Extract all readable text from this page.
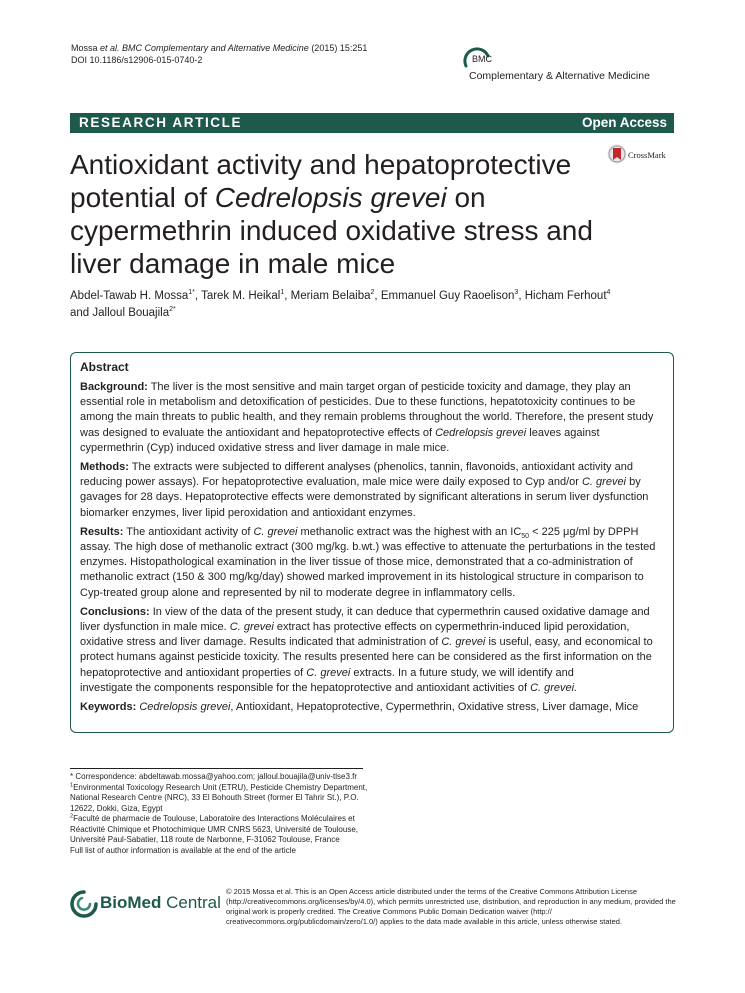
Mossa et al. BMC Complementary and Alternative Medicine (2015) 15:251
DOI 10.1186/s12906-015-0740-2	BMC
Complementary & Alternative Medicine
RESEARCH ARTICLE	Open Access
CrossMark
Antioxidant activity and hepatoprotective potential of Cedrelopsis grevei on cypermethrin induced oxidative stress and liver damage in male mice
Abdel-Tawab H. Mossa$^{1*}$, Tarek M. Heikal$^1$, Meriam Belaiba$^2$, Emmanuel Guy Raoelison$^3$, Hicham Ferhout$^4$
and Jalloul Bouajila$^{2*}$
Abstract

Background: The liver is the most sensitive and main target organ of pesticide toxicity and damage, they play an essential role in metabolism and detoxification of pesticides. Due to these functions, hepatotoxicity continues to be among the main threats to public health, and they remain problems throughout the world. Therefore, the present study was designed to evaluate the antioxidant and hepatoprotective effects of Cedrelopsis grevei leaves against cypermethrin (Cyp) induced oxidative stress and liver damage in male mice.

Methods: The extracts were subjected to different analyses (phenolics, tannin, flavonoids, antioxidant activity and reducing power assays). For hepatoprotective evaluation, male mice were daily exposed to Cyp and/or C. grevei by gavages for 28 days. Hepatoprotective effects were demonstrated by significant alterations in serum liver dysfunction biomarker enzymes, liver lipid peroxidation and antioxidant enzymes.

Results: The antioxidant activity of C. grevei methanolic extract was the highest with an $IC_{50} < 225$ μg/ml by DPPH assay. The high dose of methanolic extract (300 mg/kg. b.wt.) was effective to attenuate the perturbations in the tested enzymes. Histopathological examination in the liver tissue of those mice, demonstrated that a co-administration of methanolic extract (150 & 300 mg/kg/day) showed marked improvement in its histological structure in comparison to Cyp-treated group alone and represented by nil to moderate degree in inflammatory cells.

Conclusions: In view of the data of the present study, it can deduce that cypermethrin caused oxidative damage and liver dysfunction in male mice. C. grevei extract has protective effects on cypermethrin-induced lipid peroxidation, oxidative stress and liver damage. Results indicated that administration of C. grevei is useful, easy, and economical to protect humans against pesticide toxicity. The results presented here can be considered as the first information on the hepatoprotective and antioxidant properties of C. grevei extracts. In a future study, we will identify and
investigate the components responsible for the hepatoprotective and antioxidant activities of C. grevei.

Keywords: Cedrelopsis grevei, Antioxidant, Hepatoprotective, Cypermethrin, Oxidative stress, Liver damage, Mice

* Correspondence: abdeltawab.mossa@yahoo.com; jalloul.bouajila@univ-tlse3.fr
$^1$Environmental Toxicology Research Unit (ETRU), Pesticide Chemistry Department, National Research Centre (NRC), 33 El Bohouth Street (former El Tahrir St.), P.O. 12622, Dokki, Giza, Egypt
$^2$Faculté de pharmacie de Toulouse, Laboratoire des Interactions Moléculaires et Réactivité Chimique et Photochimique UMR CNRS 5623, Université de Toulouse, Université Paul-Sabatier, 118 route de Narbonne, F-31062 Toulouse, France
Full list of author information is available at the end of the article
BioMed Central
© 2015 Mossa et al. This is an Open Access article distributed under the terms of the Creative Commons Attribution License (http://creativecommons.org/licenses/by/4.0), which permits unrestricted use, distribution, and reproduction in any medium, provided the original work is properly credited. The Creative Commons Public Domain Dedication waiver (http:// creativecommons.org/publicdomain/zero/1.0/) applies to the data made available in this article, unless otherwise stated.
